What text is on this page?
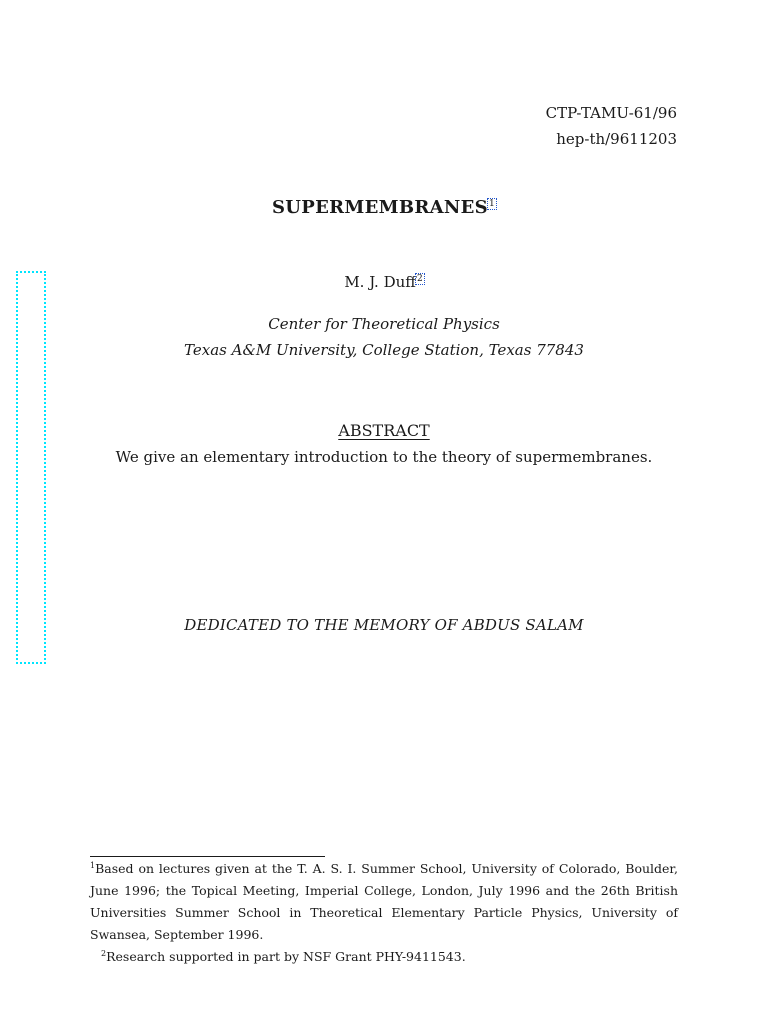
CTP-TAMU-61/96
hep-th/9611203
SUPERMEMBRANES$^1$
M. J. Duff$^2$
Center for Theoretical Physics
Texas A&M University, College Station, Texas 77843
ABSTRACT
We give an elementary introduction to the theory of supermembranes.
DEDICATED TO THE MEMORY OF ABDUS SALAM

$^1$Based on lectures given at the T. A. S. I. Summer School, University of Colorado, Boulder, June 1996; the Topical Meeting, Imperial College, London, July 1996 and the 26th British Universities Summer School in Theoretical Elementary Particle Physics, University of Swansea, September 1996.

$^2$Research supported in part by NSF Grant PHY-9411543.
